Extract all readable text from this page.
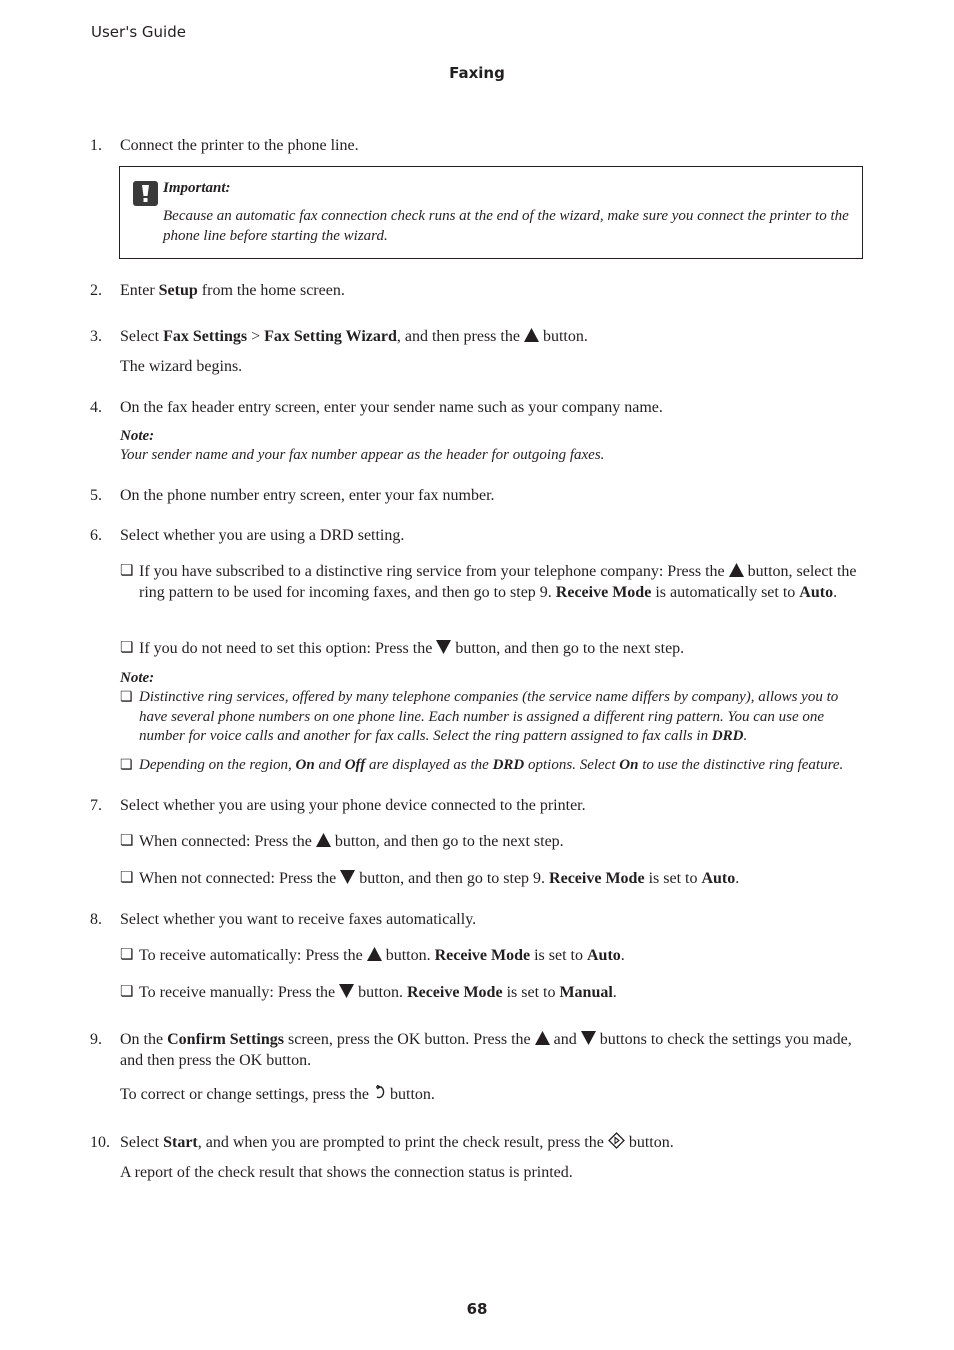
User's Guide
Faxing
1.	Connect the printer to the phone line.
Important:
Because an automatic fax connection check runs at the end of the wizard, make sure you connect the printer to the phone line before starting the wizard.
2.	Enter Setup from the home screen.
3.	Select Fax Settings > Fax Setting Wizard, and then press the  button.
The wizard begins.
4.	On the fax header entry screen, enter your sender name such as your company name.
Note:
Your sender name and your fax number appear as the header for outgoing faxes.
5.	On the phone number entry screen, enter your fax number.
6.	Select whether you are using a DRD setting.
❏ If you have subscribed to a distinctive ring service from your telephone company: Press the  button, select the ring pattern to be used for incoming faxes, and then go to step 9. Receive Mode is automatically set to Auto.
❏ If you do not need to set this option: Press the  button, and then go to the next step.
Note:
❏ Distinctive ring services, offered by many telephone companies (the service name differs by company), allows you to have several phone numbers on one phone line. Each number is assigned a different ring pattern. You can use one number for voice calls and another for fax calls. Select the ring pattern assigned to fax calls in DRD.
❏ Depending on the region, On and Off are displayed as the DRD options. Select On to use the distinctive ring feature.
7.	Select whether you are using your phone device connected to the printer.
❏ When connected: Press the  button, and then go to the next step.
❏ When not connected: Press the  button, and then go to step 9. Receive Mode is set to Auto.
8.	Select whether you want to receive faxes automatically.
❏ To receive automatically: Press the  button. Receive Mode is set to Auto.
❏ To receive manually: Press the  button. Receive Mode is set to Manual.
9.	On the Confirm Settings screen, press the OK button. Press the  and  buttons to check the settings you made, and then press the OK button.
To correct or change settings, press the  button.
10. Select Start, and when you are prompted to print the check result, press the  button.
A report of the check result that shows the connection status is printed.
68
